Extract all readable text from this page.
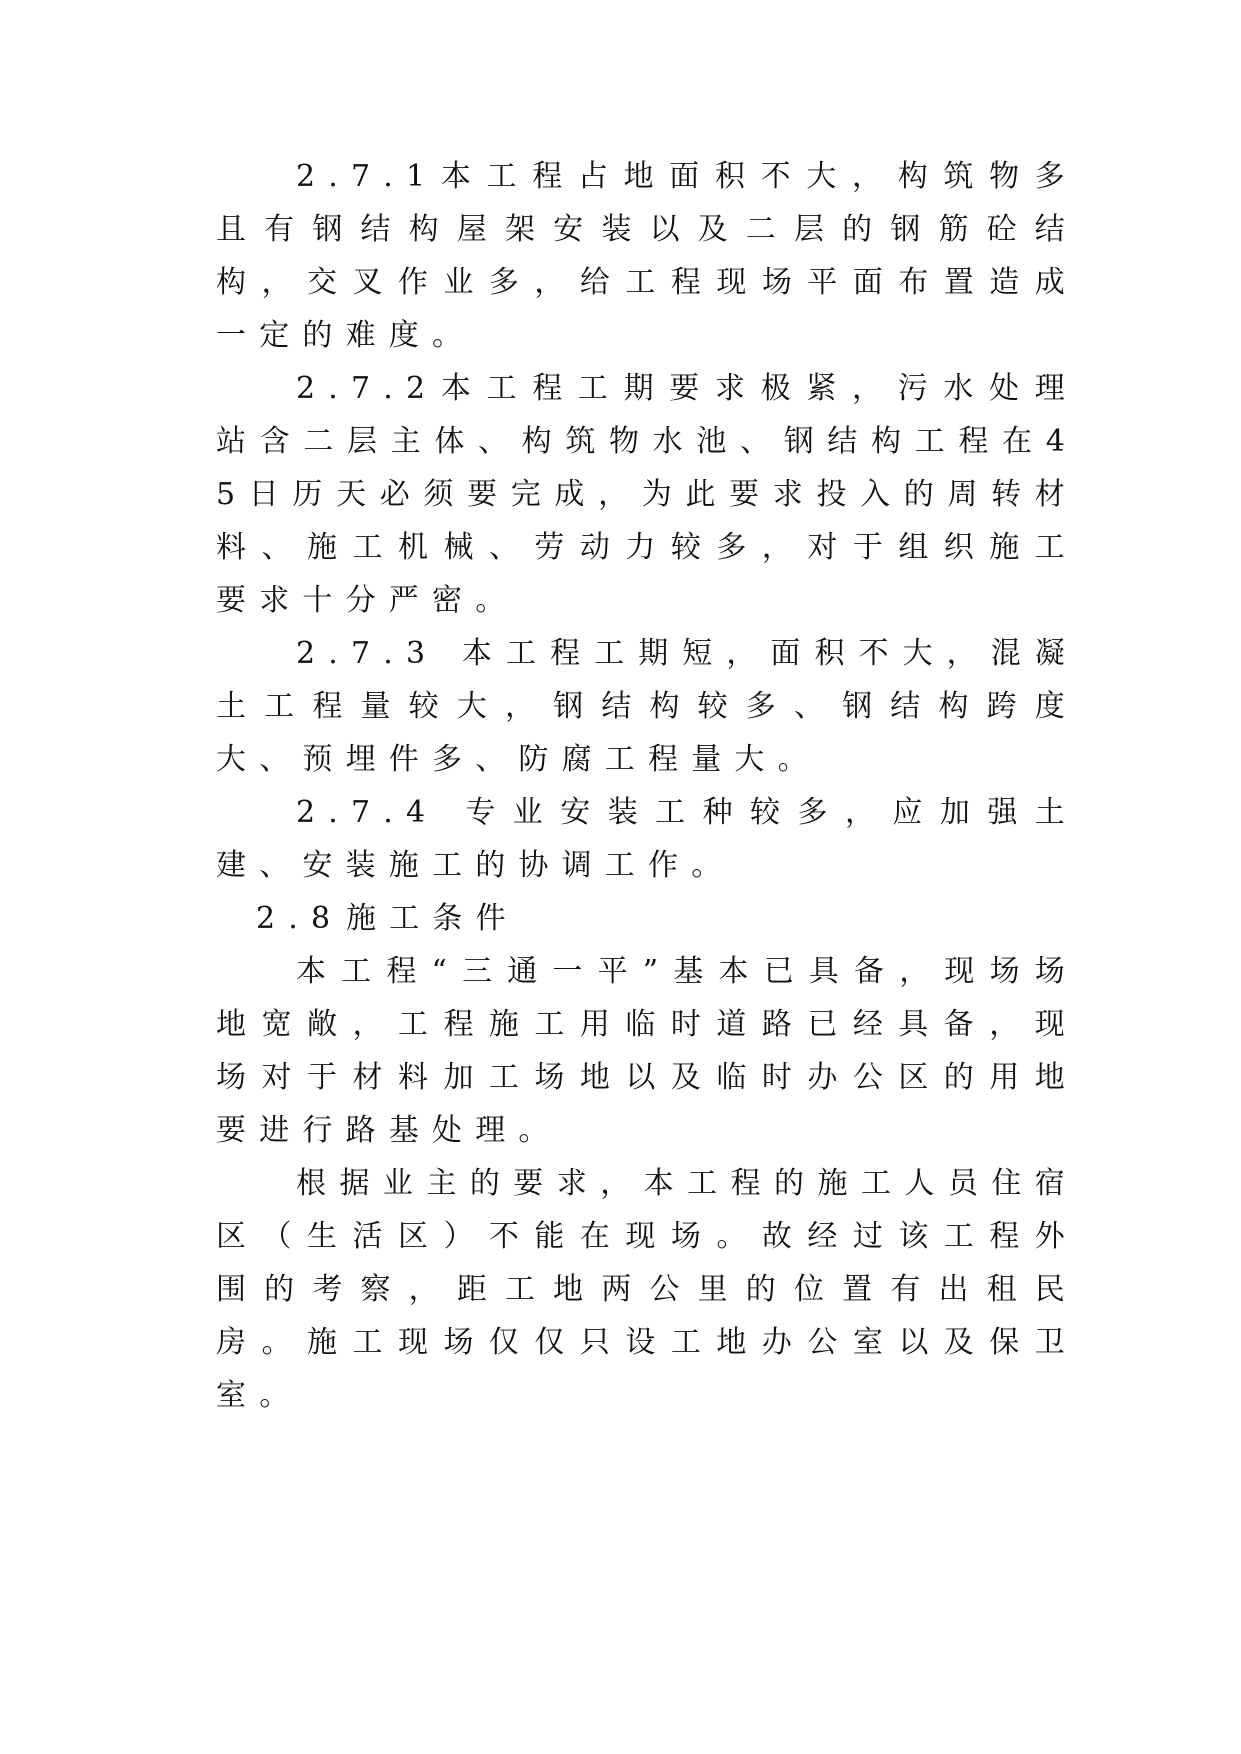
2.7.1本工程占地面积不大，构筑物多且有钢结构屋架安装以及二层的钢筋砼结构，交叉作业多，给工程现场平面布置造成一定的难度。

2.7.2本工程工期要求极紧，污水处理站含二层主体、构筑物水池、钢结构工程在45日历天必须要完成，为此要求投入的周转材料、施工机械、劳动力较多，对于组织施工要求十分严密。

2.7.3 本工程工期短，面积不大，混凝土工程量较大，钢结构较多、钢结构跨度大、预埋件多、防腐工程量大。

2.7.4 专业安装工种较多，应加强土建、安装施工的协调工作。

2.8施工条件

本工程“三通一平”基本已具备，现场场地宽敞，工程施工用临时道路已经具备，现场对于材料加工场地以及临时办公区的用地要进行路基处理。

根据业主的要求，本工程的施工人员住宿区（生活区）不能在现场。故经过该工程外围的考察，距工地两公里的位置有出租民房。施工现场仅仅只设工地办公室以及保卫室。
